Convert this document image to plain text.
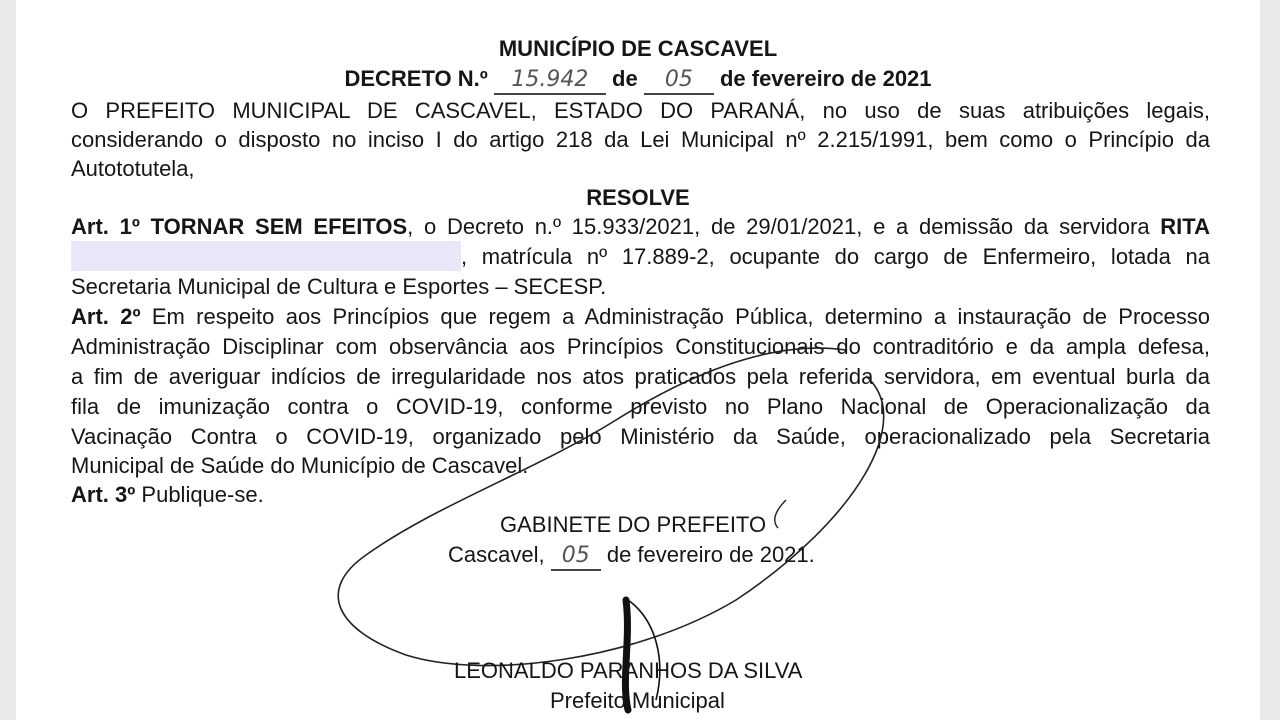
MUNICÍPIO DE CASCAVEL
DECRETO N.º 15.942 de 05 de fevereiro de 2021
O PREFEITO MUNICIPAL DE CASCAVEL, ESTADO DO PARANÁ, no uso de suas atribuições legais,
considerando o disposto no inciso I do artigo 218 da Lei Municipal nº 2.215/1991, bem como o Princípio da
Autototutela,
RESOLVE
Art. 1º TORNAR SEM EFEITOS, o Decreto n.º 15.933/2021, de 29/01/2021, e a demissão da servidora RITA
, matrícula nº 17.889-2, ocupante do cargo de Enfermeiro, lotada na
Secretaria Municipal de Cultura e Esportes – SECESP.
Art. 2º Em respeito aos Princípios que regem a Administração Pública, determino a instauração de Processo
Administração Disciplinar com observância aos Princípios Constitucionais do contraditório e da ampla defesa,
a fim de averiguar indícios de irregularidade nos atos praticados pela referida servidora, em eventual burla da
fila de imunização contra o COVID-19, conforme previsto no Plano Nacional de Operacionalização da
Vacinação Contra o COVID-19, organizado pelo Ministério da Saúde, operacionalizado pela Secretaria
Municipal de Saúde do Município de Cascavel.
Art. 3º Publique-se.
GABINETE DO PREFEITO
Cascavel, 05 de fevereiro de 2021.
LEONALDO PARANHOS DA SILVA
Prefeito Municipal
